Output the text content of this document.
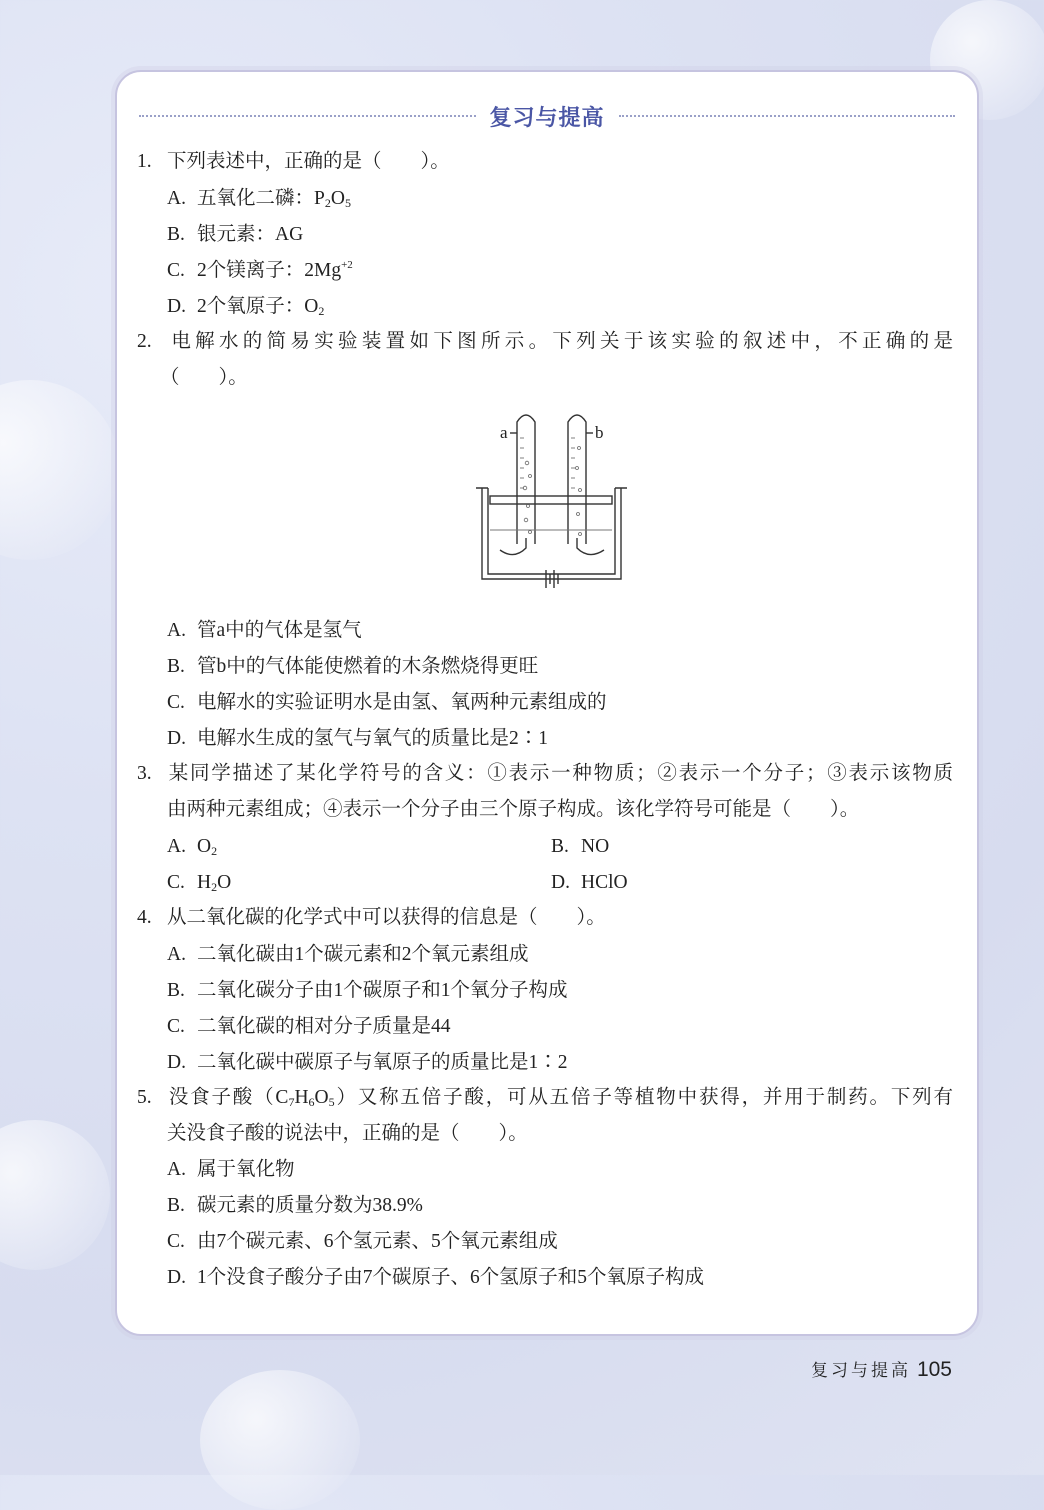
复习与提高
1. 下列表述中，正确的是（　　）。
A. 五氧化二磷：$P_2O_5$
B. 银元素：AG
C. 2个镁离子：$2Mg^{+2}$
D. 2个氧原子：$O_2$
2. 电解水的简易实验装置如下图所示。下列关于该实验的叙述中，不正确的是
（　　）。
a	b
A. 管a中的气体是氢气
B. 管b中的气体能使燃着的木条燃烧得更旺
C. 电解水的实验证明水是由氢、氧两种元素组成的
D. 电解水生成的氢气与氧气的质量比是2∶1
3. 某同学描述了某化学符号的含义：①表示一种物质；②表示一个分子；③表示该物质
由两种元素组成；④表示一个分子由三个原子构成。该化学符号可能是（　　）。
A. $O_2$	B. NO
C. $H_2O$	D. HClO
4. 从二氧化碳的化学式中可以获得的信息是（　　）。
A. 二氧化碳由1个碳元素和2个氧元素组成
B. 二氧化碳分子由1个碳原子和1个氧分子构成
C. 二氧化碳的相对分子质量是44
D. 二氧化碳中碳原子与氧原子的质量比是1∶2
5. 没食子酸$(C_7H_6O_5)$又称五倍子酸，可从五倍子等植物中获得，并用于制药。下列有
关没食子酸的说法中，正确的是（　　）。
A. 属于氧化物
B. 碳元素的质量分数为38.9%
C. 由7个碳元素、6个氢元素、5个氧元素组成
D. 1个没食子酸分子由7个碳原子、6个氢原子和5个氧原子构成
复习与提高 105
